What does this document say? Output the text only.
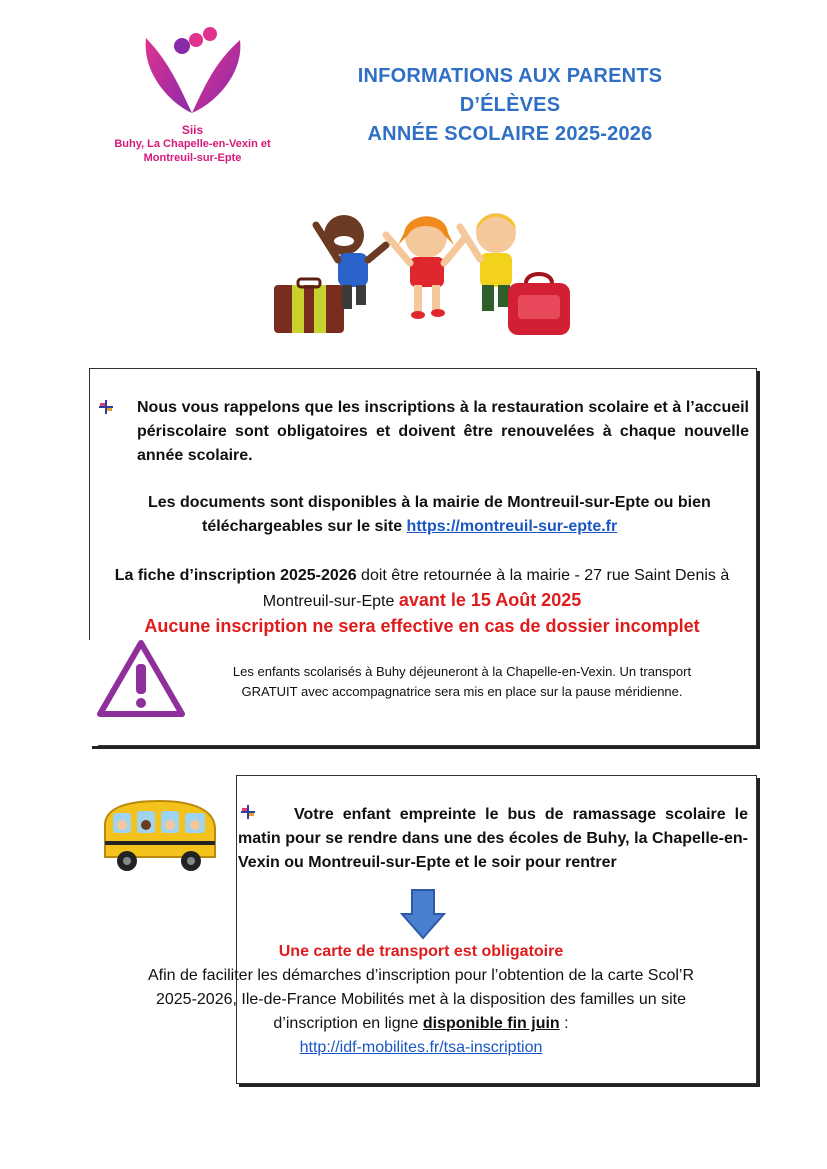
Siis
Buhy, La Chapelle-en-Vexin et
Montreuil-sur-Epte
INFORMATIONS AUX PARENTS
D’ÉLÈVES
ANNÉE SCOLAIRE 2025-2026
Nous vous rappelons que les inscriptions à la restauration scolaire et à l’accueil périscolaire sont obligatoires et doivent être renouvelées à chaque nouvelle année scolaire.
Les documents sont disponibles à la mairie de Montreuil-sur-Epte ou bien
téléchargeables sur le site https://montreuil-sur-epte.fr
La fiche d’inscription 2025-2026 doit être retournée à la mairie - 27 rue Saint Denis à Montreuil-sur-Epte avant le 15 Août 2025
Aucune inscription ne sera effective en cas de dossier incomplet
Les enfants scolarisés à Buhy déjeuneront à la Chapelle-en-Vexin. Un transport
GRATUIT avec accompagnatrice sera mis en place sur la pause méridienne.
Votre enfant empreinte le bus de ramassage scolaire le matin pour se rendre dans une des écoles de Buhy, la Chapelle-en-Vexin ou Montreuil-sur-Epte et le soir pour rentrer
Une carte de transport est obligatoire
Afin de faciliter les démarches d’inscription pour l’obtention de la carte Scol’R
2025-2026, Ile-de-France Mobilités met à la disposition des familles un site
d’inscription en ligne disponible fin juin :
http://idf-mobilites.fr/tsa-inscription
